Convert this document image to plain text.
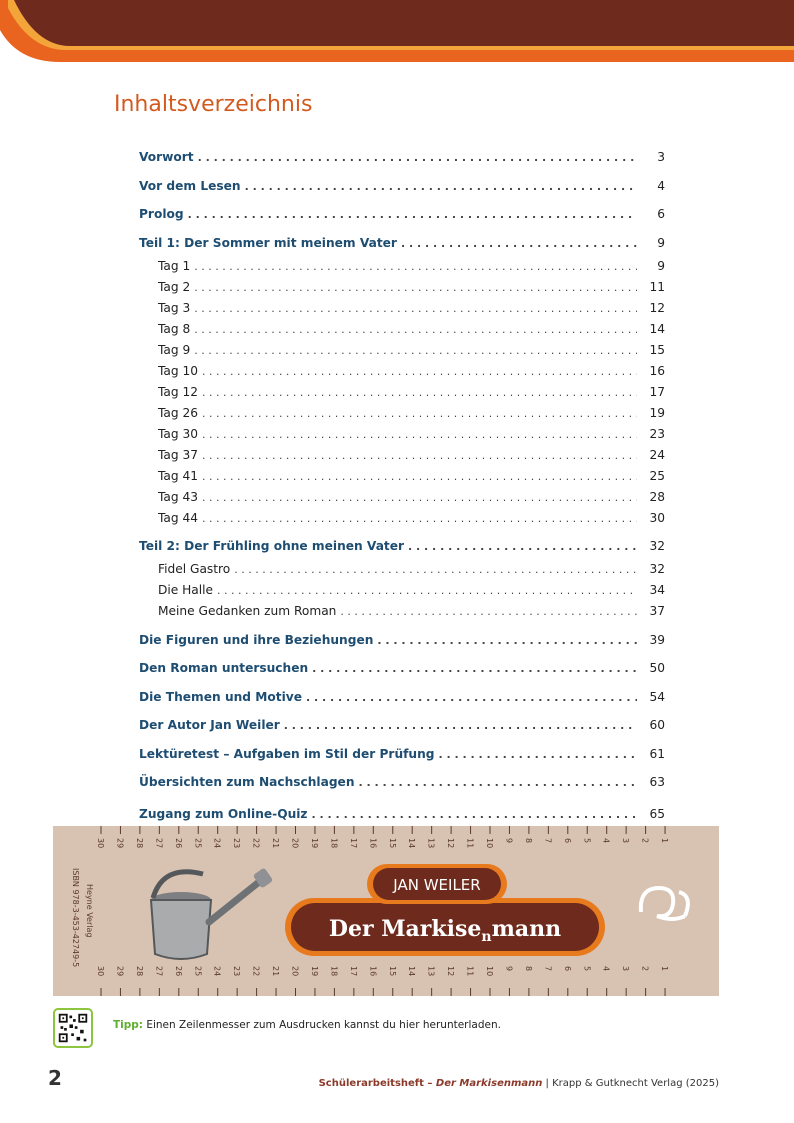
Inhaltsverzeichnis
Vorwort . . .	3
Vor dem Lesen . . .	4
Prolog . . .	6
Teil 1: Der Sommer mit meinem Vater . . .	9
Tag 1 . . .	9
Tag 2 . . .	11
Tag 3 . . .	12
Tag 8 . . .	14
Tag 9 . . .	15
Tag 10 . . .	16
Tag 12 . . .	17
Tag 26 . . .	19
Tag 30 . . .	23
Tag 37 . . .	24
Tag 41 . . .	25
Tag 43 . . .	28
Tag 44 . . .	30
Teil 2: Der Frühling ohne meinen Vater . . .	32
Fidel Gastro . . .	32
Die Halle . . .	34
Meine Gedanken zum Roman . . .	37
Die Figuren und ihre Beziehungen . . .	39
Den Roman untersuchen . . .	50
Die Themen und Motive . . .	54
Der Autor Jan Weiler . . .	60
Lektüretest – Aufgaben im Stil der Prüfung . . .	61
Übersichten zum Nachschlagen . . .	63
Zugang zum Online-Quiz . . .	65
30 29 28 27 26 25 24 23 22 21 20 19 18 17 16 15 14 13 12 11 10 9 8 7 6 5 4 3 2 1
30 29 28 27 26 25 24 23 22 21 20 19 18 17 16 15 14 13 12 11 10 9 8 7 6 5 4 3 2 1
Heyne Verlag
ISBN 978-3-453-42749-5	JAN WEILER
Der Markise$_n$mann
Tipp: Einen Zeilenmesser zum Ausdrucken kannst du hier herunterladen.
2	Schülerarbeitsheft – Der Markisenmann | Krapp & Gutknecht Verlag (2025)
